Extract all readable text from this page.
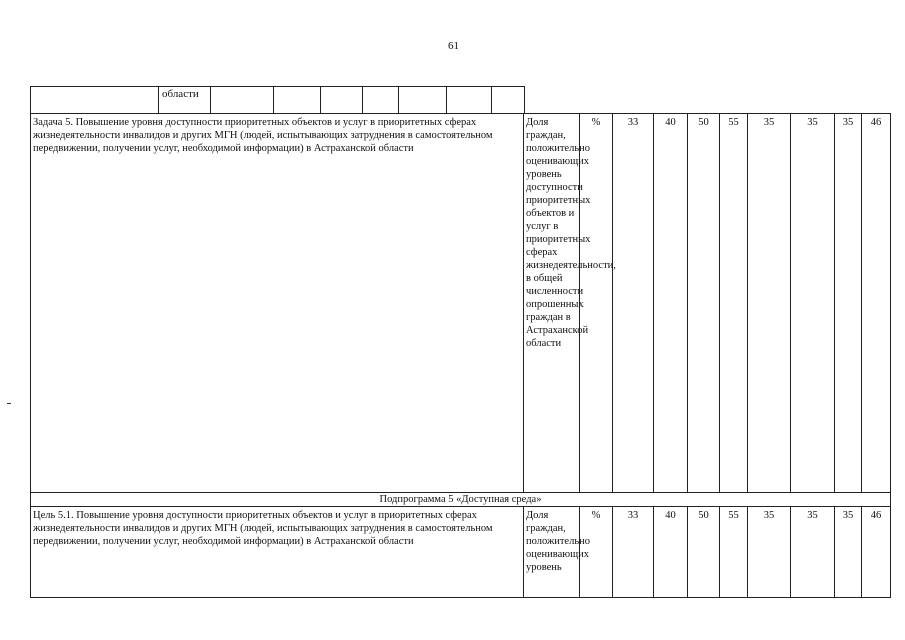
61
	области								
Задача 5. Повышение уровня доступности приоритетных объектов и услуг в приоритетных сферах жизнедеятельности инвалидов и других МГН (людей, испытывающих затруднения в самостоятельном передвижении, получении услуг, необходимой информации) в Астраханской области	Доля граждан, положительно оценивающих уровень доступности приоритетных объектов и услуг в приоритетных сферах жизнедеятельности, в общей численности опрошенных граждан в Астраханской области	%	33	40	50	55	35	35	35	46
Подпрограмма 5 «Доступная среда»										
Цель 5.1. Повышение уровня доступности приоритетных объектов и услуг в приоритетных сферах жизнедеятельности инвалидов и других МГН (людей, испытывающих затруднения в самостоятельном передвижении, получении услуг, необходимой информации) в Астраханской области	Доля граждан, положительно оценивающих уровень	%	33	40	50	55	35	35	35	46
